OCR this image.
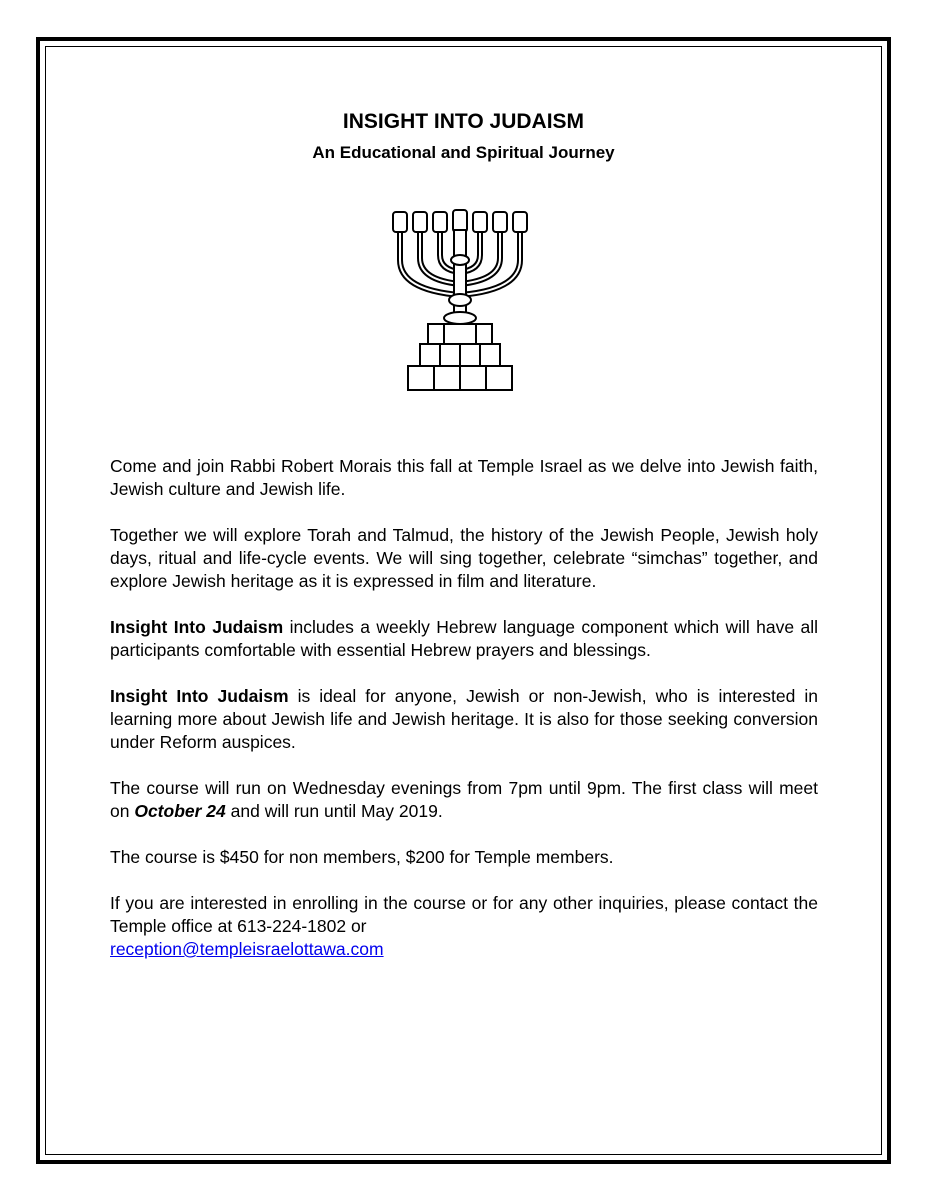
INSIGHT INTO JUDAISM
An Educational and Spiritual Journey

Come and join Rabbi Robert Morais this fall at Temple Israel as we delve into Jewish faith, Jewish culture and Jewish life.

Together we will explore Torah and Talmud, the history of the Jewish People, Jewish holy days, ritual and life-cycle events. We will sing together, celebrate “simchas” together, and explore Jewish heritage as it is expressed in film and literature.

Insight Into Judaism includes a weekly Hebrew language component which will have all participants comfortable with essential Hebrew prayers and blessings.

Insight Into Judaism is ideal for anyone, Jewish or non-Jewish, who is interested in learning more about Jewish life and Jewish heritage. It is also for those seeking conversion under Reform auspices.

The course will run on Wednesday evenings from 7pm until 9pm. The first class will meet on October 24 and will run until May 2019.

The course is $450 for non members, $200 for Temple members.

If you are interested in enrolling in the course or for any other inquiries, please contact the Temple office at 613-224-1802 or
reception@templeisraelottawa.com
